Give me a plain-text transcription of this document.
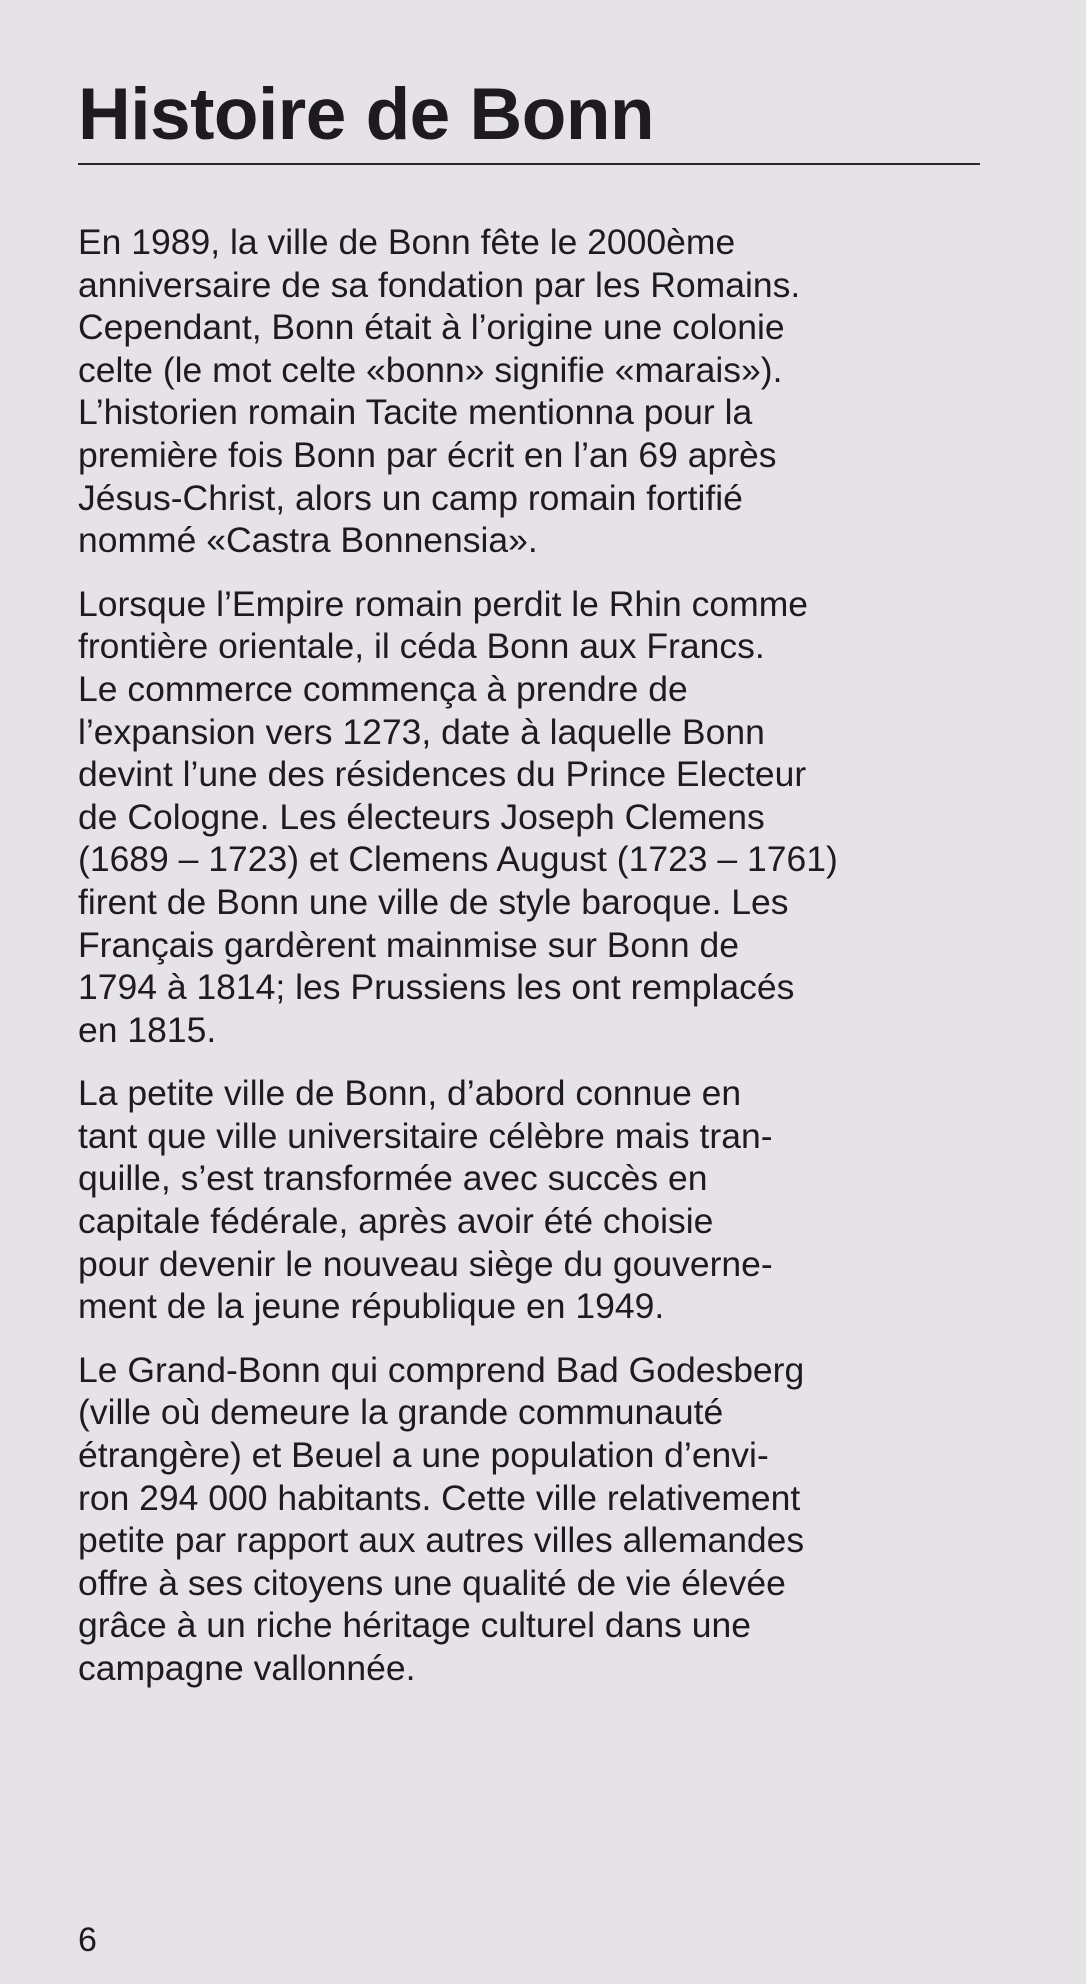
Histoire de Bonn

En 1989, la ville de Bonn fête le 2000ème
anniversaire de sa fondation par les Romains.
Cependant, Bonn était à l’origine une colonie
celte (le mot celte «bonn» signifie «marais»).
L’historien romain Tacite mentionna pour la
première fois Bonn par écrit en l’an 69 après
Jésus-Christ, alors un camp romain fortifié
nommé «Castra Bonnensia».

Lorsque l’Empire romain perdit le Rhin comme
frontière orientale, il céda Bonn aux Francs.
Le commerce commença à prendre de
l’expansion vers 1273, date à laquelle Bonn
devint l’une des résidences du Prince Electeur
de Cologne. Les électeurs Joseph Clemens
(1689 – 1723) et Clemens August (1723 – 1761)
firent de Bonn une ville de style baroque. Les
Français gardèrent mainmise sur Bonn de
1794 à 1814; les Prussiens les ont remplacés
en 1815.

La petite ville de Bonn, d’abord connue en
tant que ville universitaire célèbre mais tran-
quille, s’est transformée avec succès en
capitale fédérale, après avoir été choisie
pour devenir le nouveau siège du gouverne-
ment de la jeune république en 1949.

Le Grand-Bonn qui comprend Bad Godesberg
(ville où demeure la grande communauté
étrangère) et Beuel a une population d’envi-
ron 294 000 habitants. Cette ville relativement
petite par rapport aux autres villes allemandes
offre à ses citoyens une qualité de vie élevée
grâce à un riche héritage culturel dans une
campagne vallonnée.

6
